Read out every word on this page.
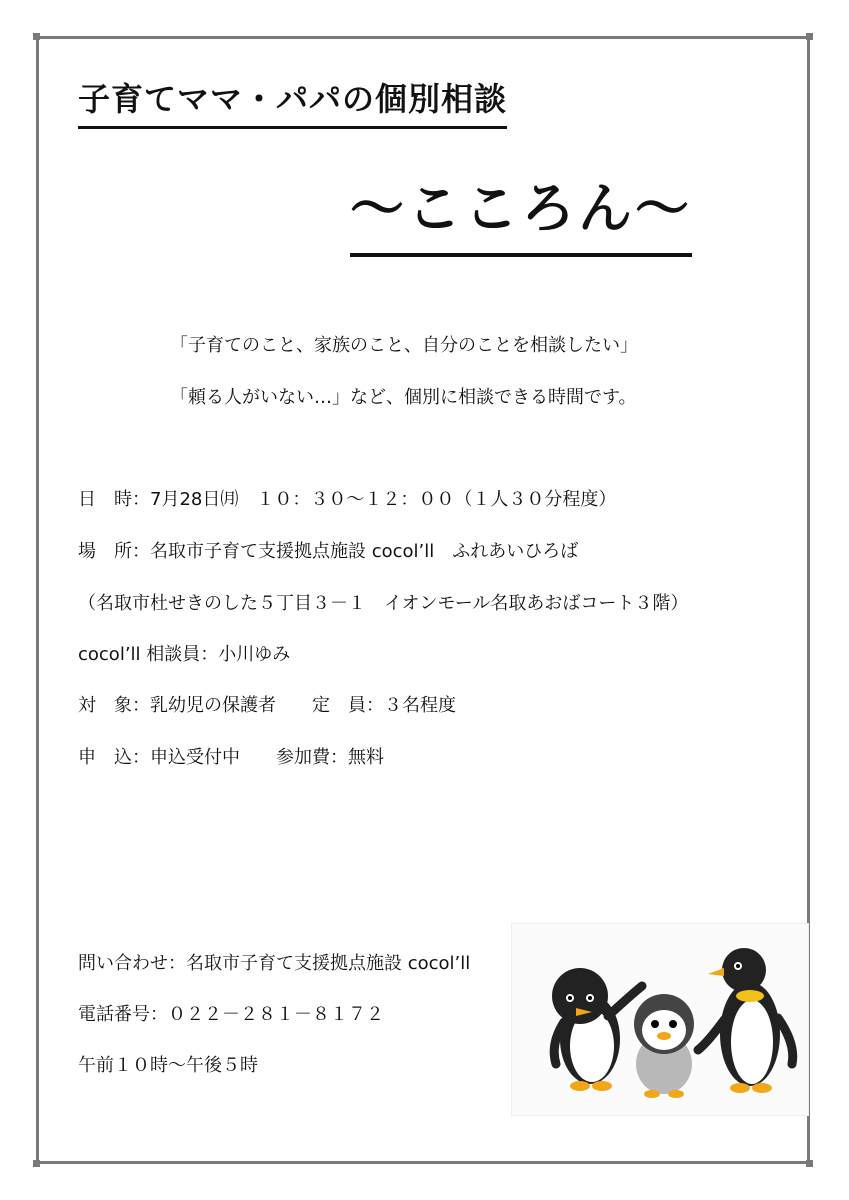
子育てママ・パパの個別相談
～こころん～
「子育てのこと、家族のこと、自分のことを相談したい」
「頼る人がいない…」など、個別に相談できる時間です。
日　時：7月28日㈪　１０：３０～１２：００（１人３０分程度）
場　所：名取市子育て支援拠点施設 cocol’ll　ふれあいひろば
（名取市杜せきのした５丁目３－１　イオンモール名取あおばコート３階）
cocol’ll 相談員：小川ゆみ
対　象：乳幼児の保護者　　定　員：３名程度
申　込：申込受付中　　参加費：無料
問い合わせ：名取市子育て支援拠点施設 cocol’ll
電話番号：０２２－２８１－８１７２
午前１０時～午後５時
